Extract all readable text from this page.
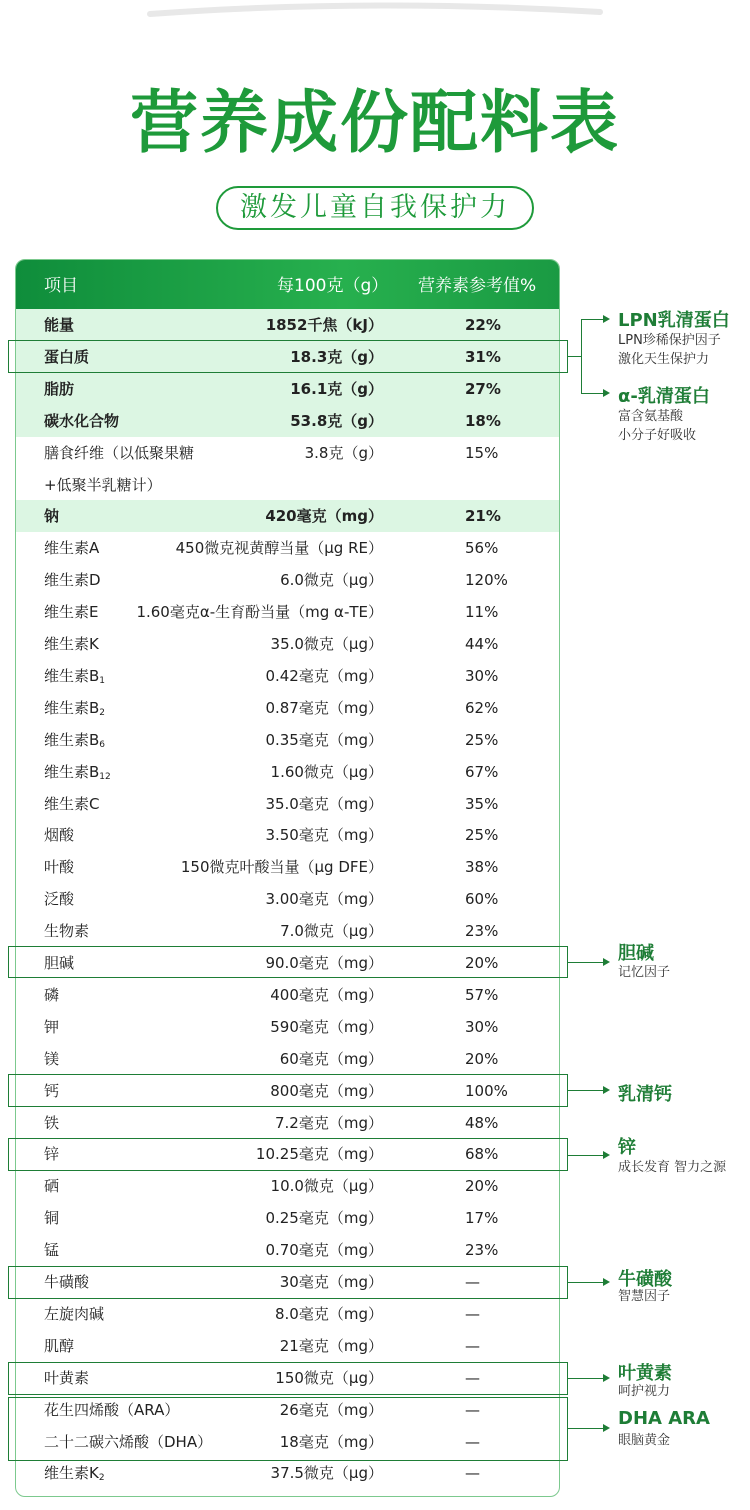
营养成份配料表
激发儿童自我保护力
项目	每100克（g） 营养素参考值%
能量	1852千焦（kJ）	22%
蛋白质	18.3克（g）	31%
脂肪	16.1克（g）	27%
碳水化合物	53.8克（g）	18%
膳食纤维（以低聚果糖	3.8克（g）	15%
+低聚半乳糖计）
钠	420毫克（mg）	21%
维生素A	450微克视黄醇当量（μg RE）	56%
维生素D	6.0微克（μg）	120%
维生素E	1.60毫克α-生育酚当量（mg α-TE）	11%
维生素K	35.0微克（μg）	44%
维生素$B_1$	0.42毫克（mg）	30%
维生素$B_2$	0.87毫克（mg）	62%
维生素$B_6$	0.35毫克（mg）	25%
维生素$B_{12}$	1.60微克（μg）	67%
维生素C	35.0毫克（mg）	35%
烟酸	3.50毫克（mg）	25%
叶酸	150微克叶酸当量（μg DFE）	38%
泛酸	3.00毫克（mg）	60%
生物素	7.0微克（μg）	23%
胆碱	90.0毫克（mg）	20%
磷	400毫克（mg）	57%
钾	590毫克（mg）	30%
镁	60毫克（mg）	20%
钙	800毫克（mg）	100%
铁	7.2毫克（mg）	48%
锌	10.25毫克（mg）	68%
硒	10.0微克（μg）	20%
铜	0.25毫克（mg）	17%
锰	0.70毫克（mg）	23%
牛磺酸	30毫克（mg）	—
左旋肉碱	8.0毫克（mg）	—
肌醇	21毫克（mg）	—
叶黄素	150微克（μg）	—
花生四烯酸（ARA）	26毫克（mg）	—
二十二碳六烯酸（DHA）	18毫克（mg）	—
维生素$K_2$	37.5微克（μg）	—
LPN乳清蛋白
LPN珍稀保护因子
激化天生保护力
α-乳清蛋白
富含氨基酸
小分子好吸收
胆碱
记忆因子
乳清钙
锌
成长发育 智力之源
牛磺酸
智慧因子
叶黄素
呵护视力
DHA ARA
眼脑黄金
